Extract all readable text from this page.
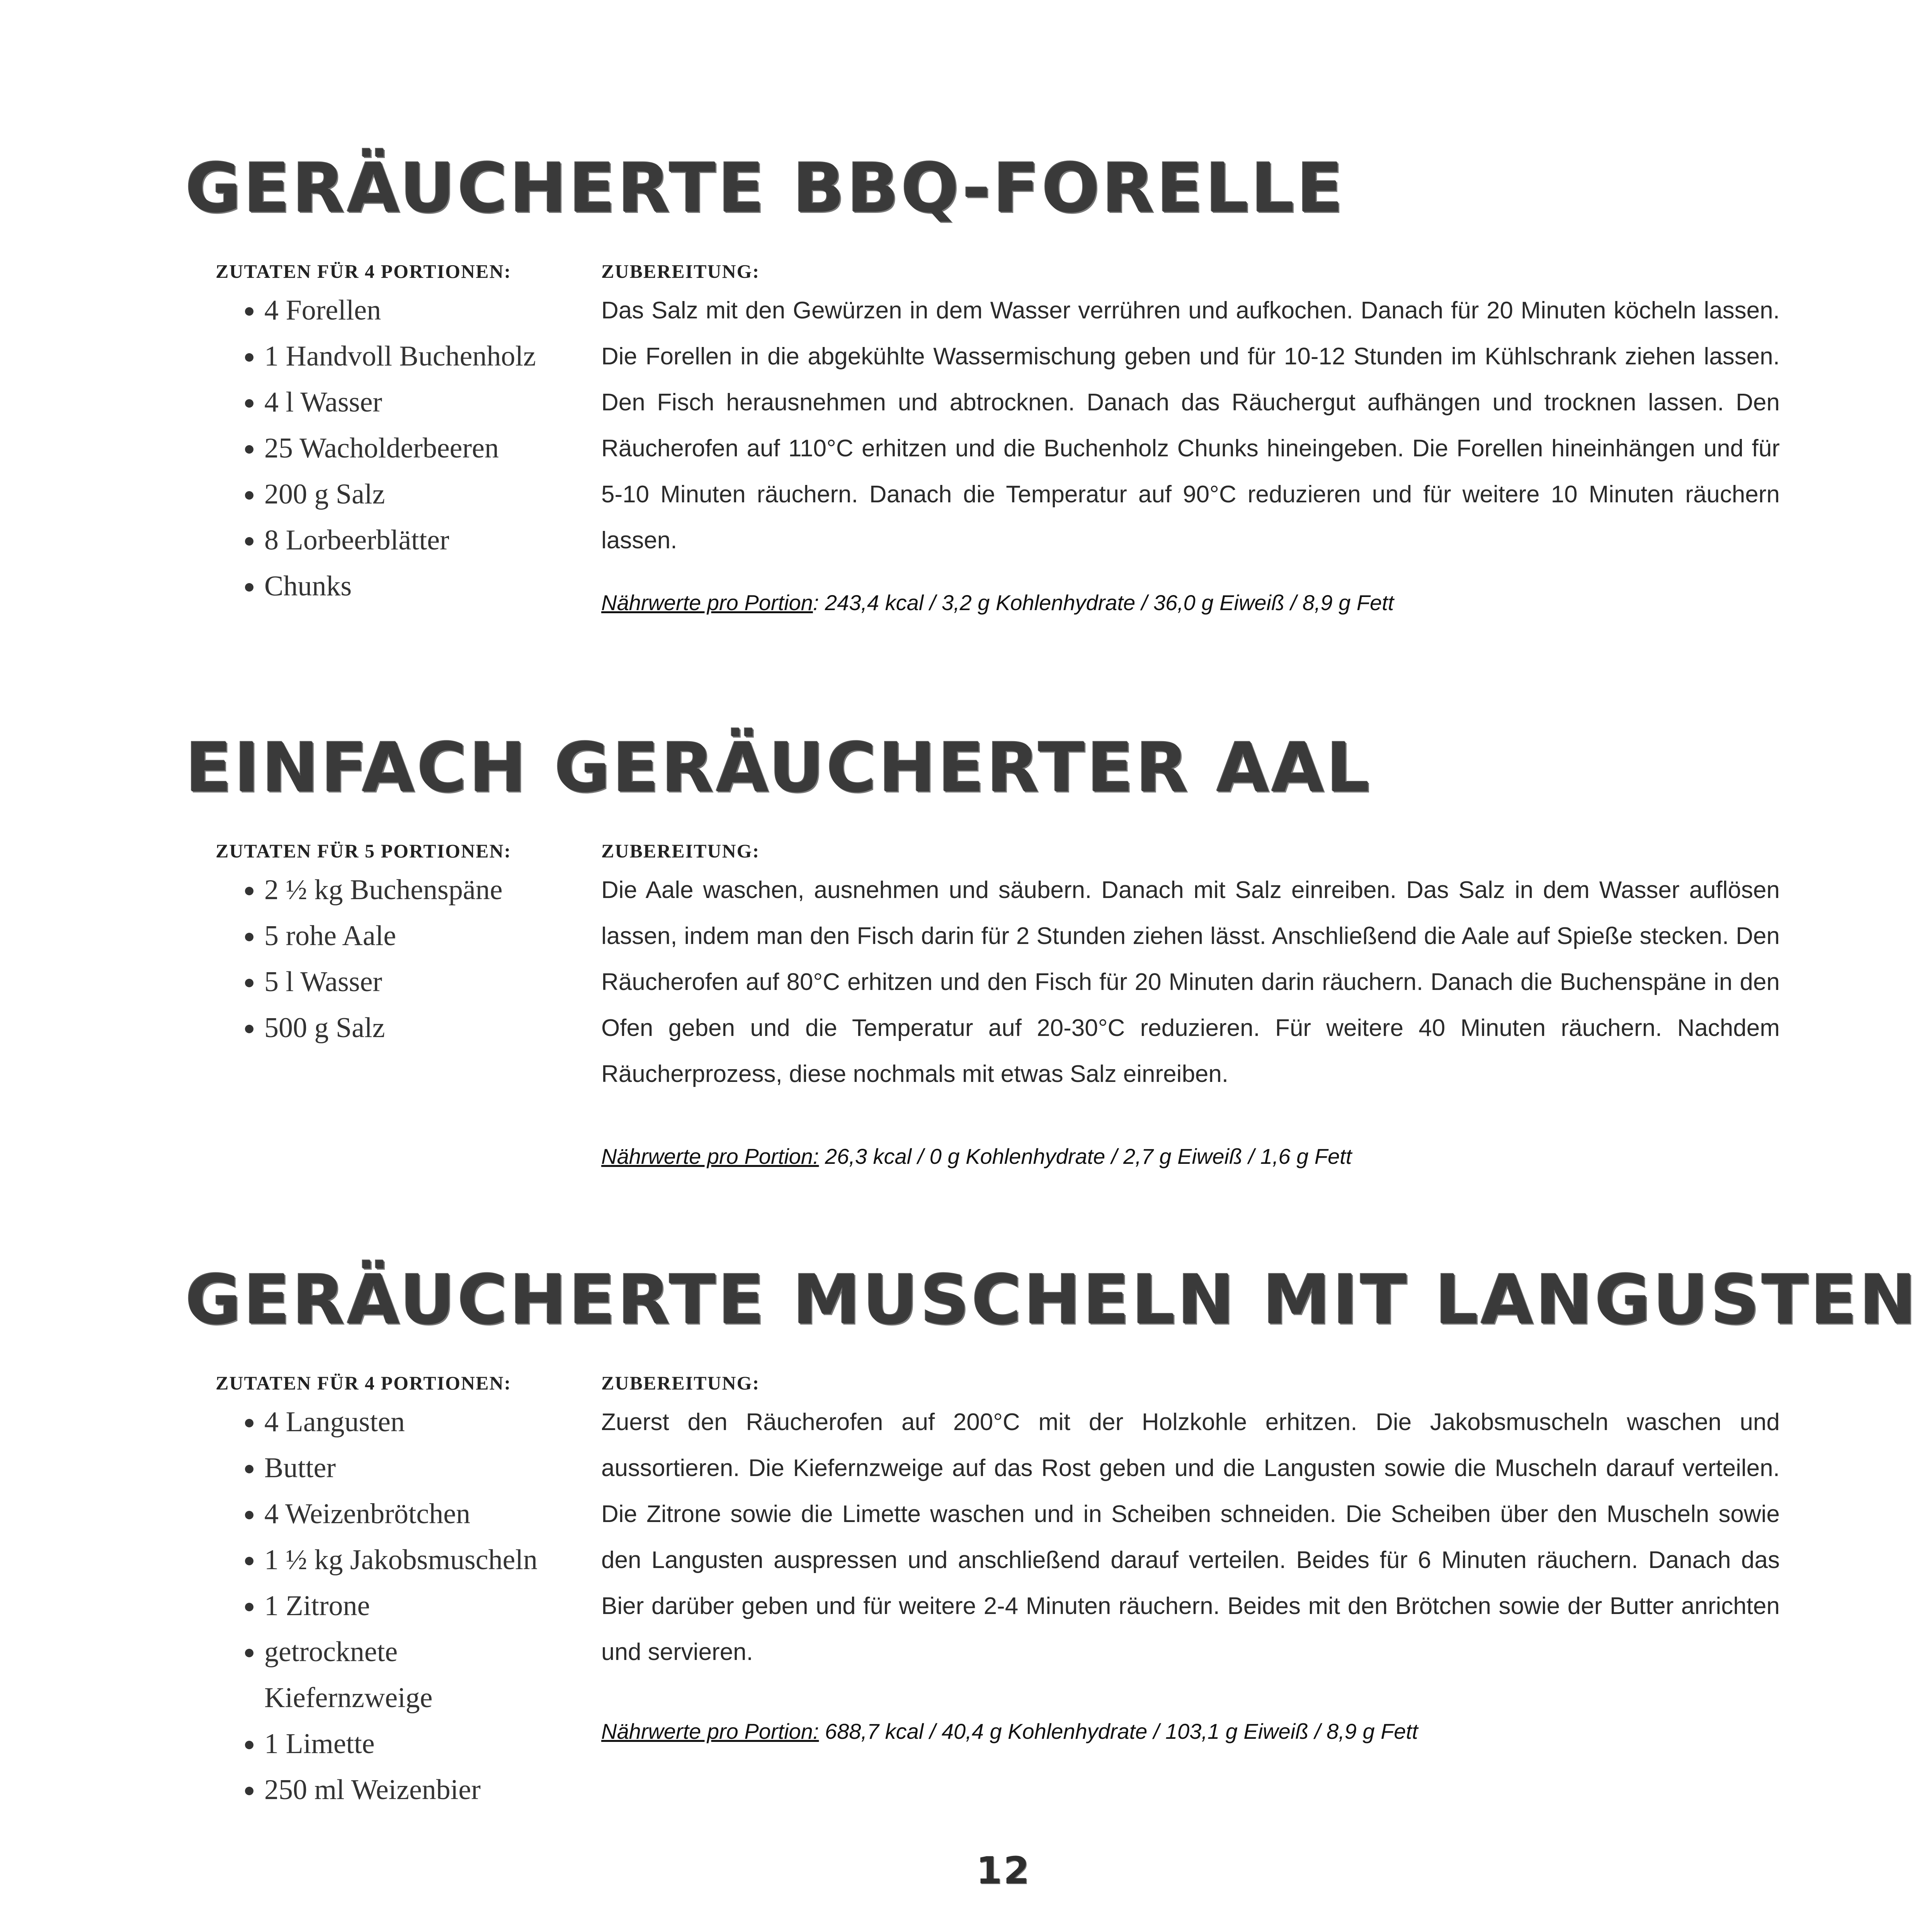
GERÄUCHERTE BBQ-FORELLE
ZUTATEN FÜR 4 PORTIONEN:
• 4 Forellen
• 1 Handvoll Buchenholz
• 4 l Wasser
• 25 Wacholderbeeren
• 200 g Salz
• 8 Lorbeerblätter
• Chunks
ZUBEREITUNG:

Das Salz mit den Gewürzen in dem Wasser verrühren und aufkochen. Danach für 20 Minuten köcheln lassen. Die Forellen in die abgekühlte Wassermischung geben und für 10-12 Stunden im Kühlschrank ziehen lassen. Den Fisch herausnehmen und abtrocknen. Danach das Räuchergut aufhängen und trocknen lassen. Den Räucherofen auf 110°C erhitzen und die Buchenholz Chunks hineingeben. Die Forellen hineinhängen und für 5-10 Minuten räuchern. Danach die Temperatur auf 90°C reduzieren und für weitere 10 Minuten räuchern lassen.

Nährwerte pro Portion: 243,4 kcal / 3,2 g Kohlenhydrate / 36,0 g Eiweiß / 8,9 g Fett
EINFACH GERÄUCHERTER AAL
ZUTATEN FÜR 5 PORTIONEN:
• 2 ½ kg Buchenspäne
• 5 rohe Aale
• 5 l Wasser
• 500 g Salz
ZUBEREITUNG:

Die Aale waschen, ausnehmen und säubern. Danach mit Salz einreiben. Das Salz in dem Wasser auflösen lassen, indem man den Fisch darin für 2 Stunden ziehen lässt. Anschließend die Aale auf Spieße stecken. Den Räucherofen auf 80°C erhitzen und den Fisch für 20 Minuten darin räuchern. Danach die Buchenspäne in den Ofen geben und die Temperatur auf 20-30°C reduzieren. Für weitere 40 Minuten räuchern. Nachdem Räucherprozess, diese nochmals mit etwas Salz einreiben.

Nährwerte pro Portion: 26,3 kcal / 0 g Kohlenhydrate / 2,7 g Eiweiß / 1,6 g Fett
GERÄUCHERTE MUSCHELN MIT LANGUSTEN
ZUTATEN FÜR 4 PORTIONEN:
• 4 Langusten
• Butter
• 4 Weizenbrötchen
• 1 ½ kg Jakobsmuscheln
• 1 Zitrone
• getrocknete Kiefernzweige
• 1 Limette
• 250 ml Weizenbier
ZUBEREITUNG:

Zuerst den Räucherofen auf 200°C mit der Holzkohle erhitzen. Die Jakobsmuscheln waschen und aussortieren. Die Kiefernzweige auf das Rost geben und die Langusten sowie die Muscheln darauf verteilen. Die Zitrone sowie die Limette waschen und in Scheiben schneiden. Die Scheiben über den Muscheln sowie den Langusten auspressen und anschließend darauf verteilen. Beides für 6 Minuten räuchern. Danach das Bier darüber geben und für weitere 2-4 Minuten räuchern. Beides mit den Brötchen sowie der Butter anrichten und servieren.

Nährwerte pro Portion: 688,7 kcal / 40,4 g Kohlenhydrate / 103,1 g Eiweiß / 8,9 g Fett
12
